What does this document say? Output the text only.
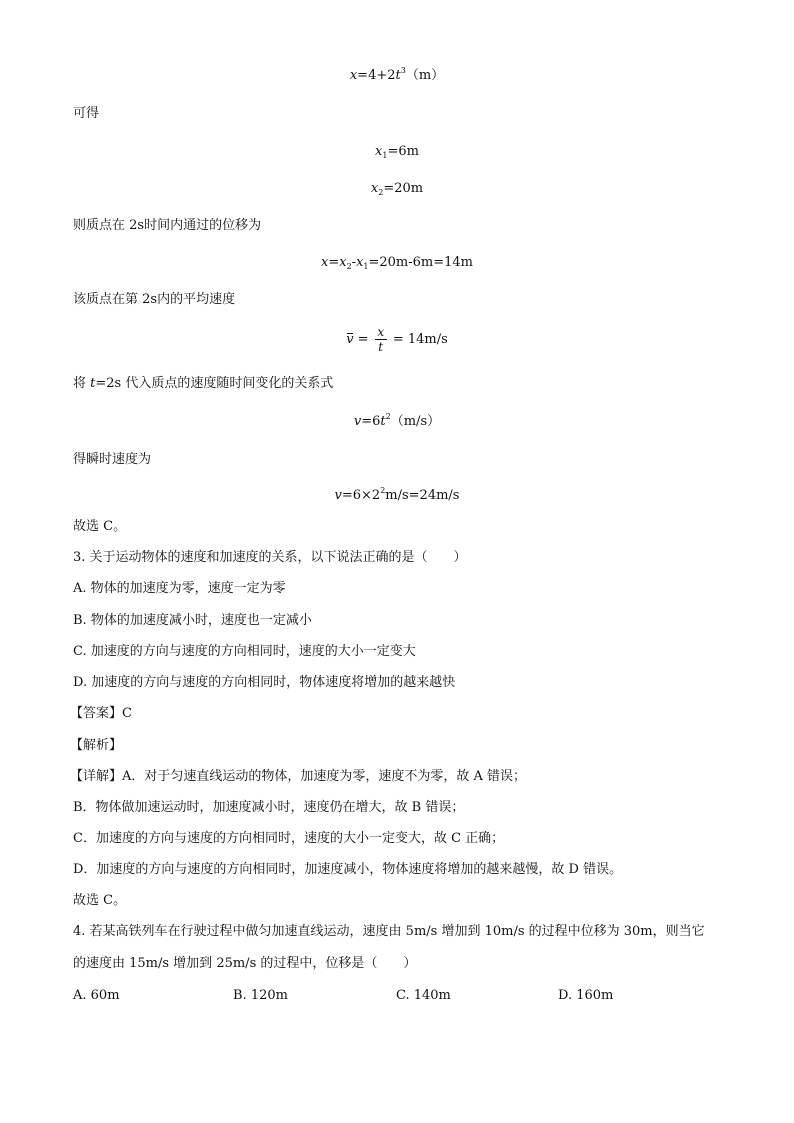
$x=4+2t^3(m)$
可得
$x_1=6m$
$x_2=20m$
则质点在 2s时间内通过的位移为
$x=x_2-x_1=20m-6m=14m$
该质点在第 2s内的平均速度
$v = \frac{x}{t} = 14m/s$
将 t=2s 代入质点的速度随时间变化的关系式
$v=6t^2(m/s)$
得瞬时速度为
$v=6\times 2^2m/s=24m/s$
故选 C。
3. 关于运动物体的速度和加速度的关系，以下说法正确的是（　　）
A. 物体的加速度为零，速度一定为零
B. 物体的加速度减小时，速度也一定减小
C. 加速度的方向与速度的方向相同时，速度的大小一定变大
D. 加速度的方向与速度的方向相同时，物体速度将增加的越来越快
【答案】C
【解析】
【详解】A．对于匀速直线运动的物体，加速度为零，速度不为零，故 A 错误；
B．物体做加速运动时，加速度减小时，速度仍在增大，故 B 错误；
C．加速度的方向与速度的方向相同时，速度的大小一定变大，故 C 正确；
D．加速度的方向与速度的方向相同时，加速度减小，物体速度将增加的越来越慢，故 D 错误。
故选 C。
4. 若某高铁列车在行驶过程中做匀加速直线运动，速度由 5m/s 增加到 10m/s 的过程中位移为 30m，则当它
的速度由 15m/s 增加到 25m/s 的过程中，位移是（　　）
A. 60m	B. 120m	C. 140m	D. 160m
